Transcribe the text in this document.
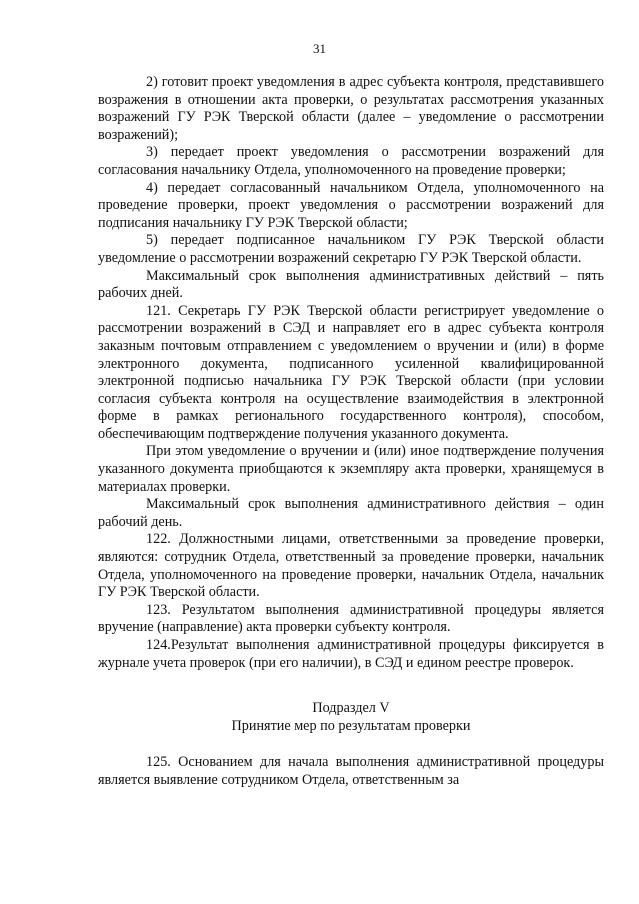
31

2) готовит проект уведомления в адрес субъекта контроля, представившего возражения в отношении акта проверки, о результатах рассмотрения указанных возражений ГУ РЭК Тверской области (далее – уведомление о рассмотрении возражений);

3) передает проект уведомления о рассмотрении возражений для согласования начальнику Отдела, уполномоченного на проведение проверки;

4) передает согласованный начальником Отдела, уполномоченного на проведение проверки, проект уведомления о рассмотрении возражений для подписания начальнику ГУ РЭК Тверской области;

5) передает подписанное начальником ГУ РЭК Тверской области уведомление о рассмотрении возражений секретарю ГУ РЭК Тверской области.

Максимальный срок выполнения административных действий – пять рабочих дней.

121. Секретарь ГУ РЭК Тверской области регистрирует уведомление о рассмотрении возражений в СЭД и направляет его в адрес субъекта контроля заказным почтовым отправлением с уведомлением о вручении и (или) в форме электронного документа, подписанного усиленной квалифицированной электронной подписью начальника ГУ РЭК Тверской области (при условии согласия субъекта контроля на осуществление взаимодействия в электронной форме в рамках регионального государственного контроля), способом, обеспечивающим подтверждение получения указанного документа.

При этом уведомление о вручении и (или) иное подтверждение получения указанного документа приобщаются к экземпляру акта проверки, хранящемуся в материалах проверки.

Максимальный срок выполнения административного действия – один рабочий день.

122. Должностными лицами, ответственными за проведение проверки, являются: сотрудник Отдела, ответственный за проведение проверки, начальник Отдела, уполномоченного на проведение проверки, начальник Отдела, начальник ГУ РЭК Тверской области.

123. Результатом выполнения административной процедуры является вручение (направление) акта проверки субъекту контроля.

124.Результат выполнения административной процедуры фиксируется в журнале учета проверок (при его наличии), в СЭД и едином реестре проверок.

Подраздел V

Принятие мер по результатам проверки

125. Основанием для начала выполнения административной процедуры является выявление сотрудником Отдела, ответственным за
